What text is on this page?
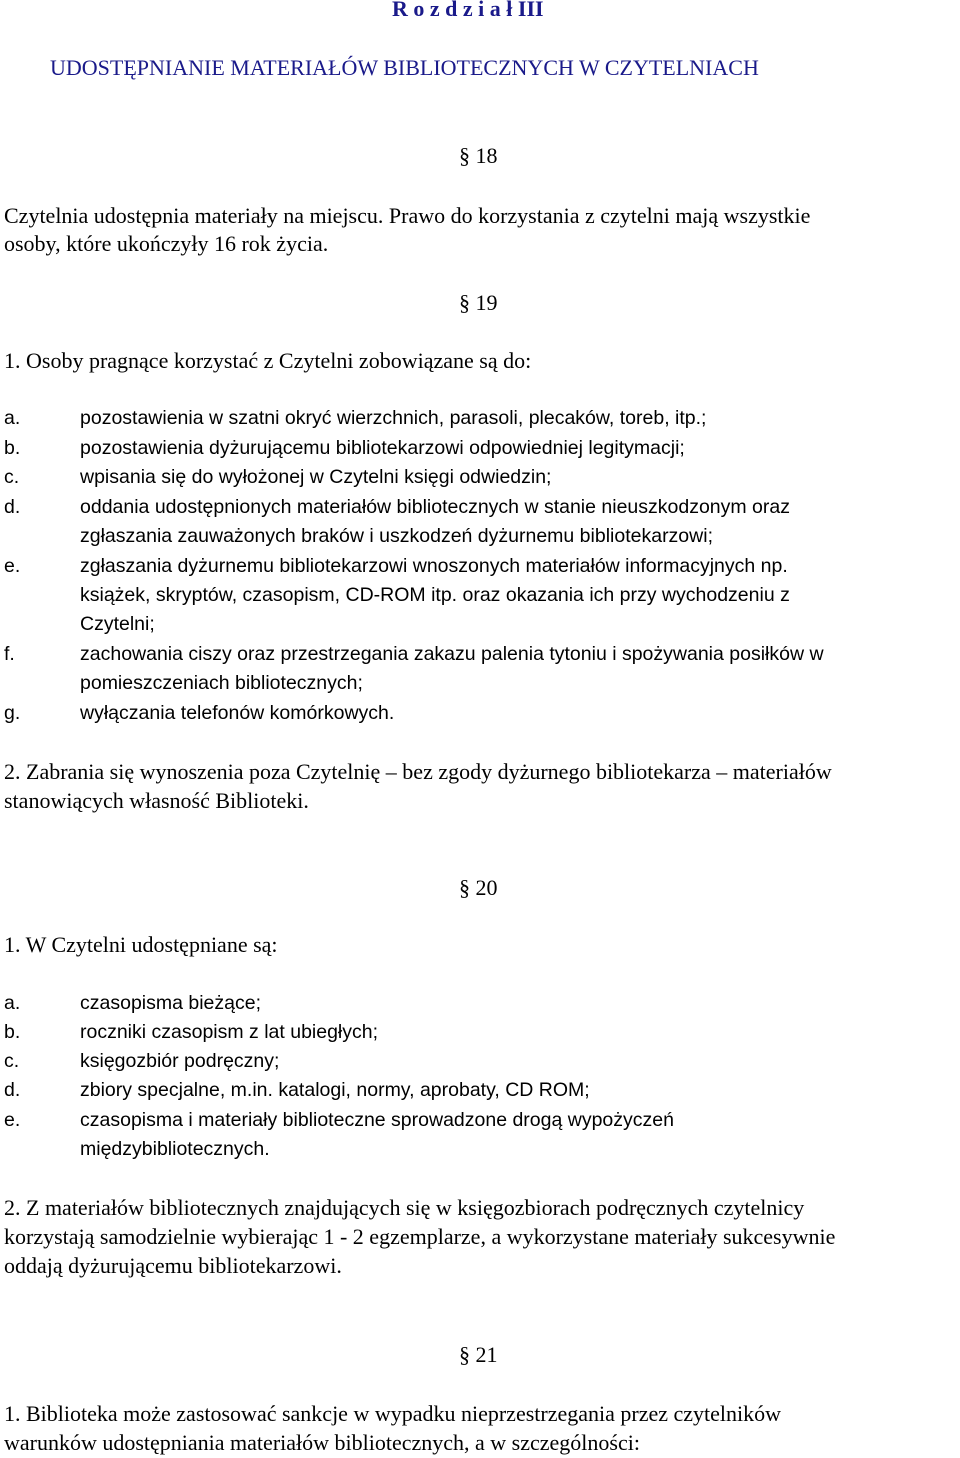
R o z d z i a ł III
UDOSTĘPNIANIE MATERIAŁÓW BIBLIOTECZNYCH W CZYTELNIACH
§ 18
Czytelnia udostępnia materiały na miejscu. Prawo do korzystania z czytelni mają wszystkie
osoby, które ukończyły 16 rok życia.
§ 19
1. Osoby pragnące korzystać z Czytelni zobowiązane są do:
a.	pozostawienia w szatni okryć wierzchnich, parasoli, plecaków, toreb, itp.;
b.	pozostawienia dyżurującemu bibliotekarzowi odpowiedniej legitymacji;
c.	wpisania się do wyłożonej w Czytelni księgi odwiedzin;
d.	oddania udostępnionych materiałów bibliotecznych w stanie nieuszkodzonym oraz
zgłaszania zauważonych braków i uszkodzeń dyżurnemu bibliotekarzowi;
e.	zgłaszania dyżurnemu bibliotekarzowi wnoszonych materiałów informacyjnych np.
książek, skryptów, czasopism, CD-ROM itp. oraz okazania ich przy wychodzeniu z
Czytelni;
f.	zachowania ciszy oraz przestrzegania zakazu palenia tytoniu i spożywania posiłków w
pomieszczeniach bibliotecznych;
g.	wyłączania telefonów komórkowych.
2. Zabrania się wynoszenia poza Czytelnię – bez zgody dyżurnego bibliotekarza – materiałów
stanowiących własność Biblioteki.
§ 20
1. W Czytelni udostępniane są:
a.	czasopisma bieżące;
b.	roczniki czasopism z lat ubiegłych;
c.	księgozbiór podręczny;
d.	zbiory specjalne, m.in. katalogi, normy, aprobaty, CD ROM;
e.	czasopisma i materiały biblioteczne sprowadzone drogą wypożyczeń
międzybibliotecznych.
2. Z materiałów bibliotecznych znajdujących się w księgozbiorach podręcznych czytelnicy
korzystają samodzielnie wybierając 1 - 2 egzemplarze, a wykorzystane materiały sukcesywnie
oddają dyżurującemu bibliotekarzowi.
§ 21
1. Biblioteka może zastosować sankcje w wypadku nieprzestrzegania przez czytelników
warunków udostępniania materiałów bibliotecznych, a w szczególności:
